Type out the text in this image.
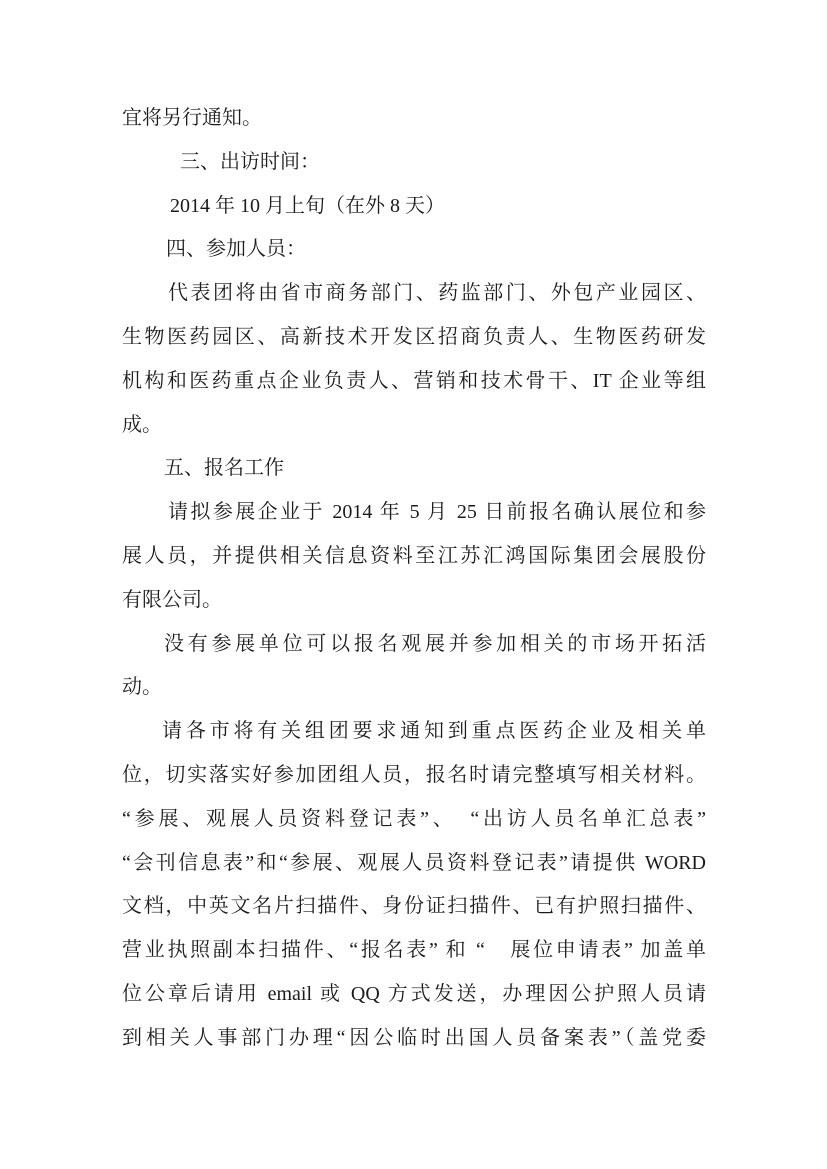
宜将另行通知。
三、出访时间：
2014 年 10 月上旬（在外 8 天）
四、参加人员：
代表团将由省市商务部门、药监部门、外包产业园区、
生物医药园区、高新技术开发区招商负责人、生物医药研发
机构和医药重点企业负责人、营销和技术骨干、IT 企业等组
成。
五、报名工作
请拟参展企业于 2014 年 5 月 25 日前报名确认展位和参
展人员，并提供相关信息资料至江苏汇鸿国际集团会展股份
有限公司。
没有参展单位可以报名观展并参加相关的市场开拓活
动。
请各市将有关组团要求通知到重点医药企业及相关单
位，切实落实好参加团组人员，报名时请完整填写相关材料。
“参展、观展人员资料登记表”、　“出访人员名单汇总表”
“会刊信息表”和“参展、观展人员资料登记表”请提供 WORD
文档，中英文名片扫描件、身份证扫描件、已有护照扫描件、
营业执照副本扫描件、“报名表” 和 “　展位申请表” 加盖单
位公章后请用 email 或 QQ 方式发送，办理因公护照人员请
到相关人事部门办理“因公临时出国人员备案表”（盖党委
